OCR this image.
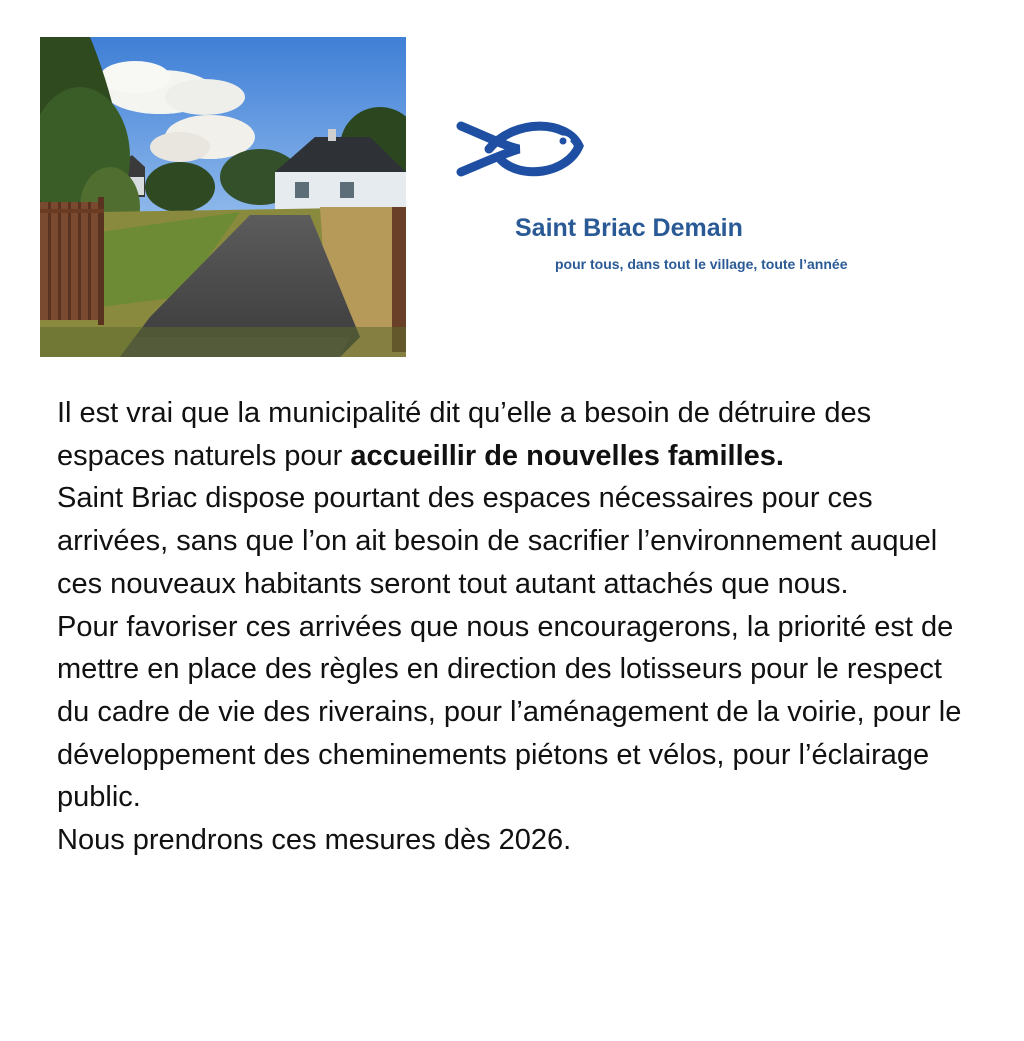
Saint Briac Demain
pour tous, dans tout le village, toute l’année

Il est vrai que la municipalité dit qu’elle a besoin de détruire des espaces naturels pour accueillir de nouvelles familles.

Saint Briac dispose pourtant des espaces nécessaires pour ces arrivées, sans que l’on ait besoin de sacrifier l’environnement auquel ces nouveaux habitants seront tout autant attachés que nous.

Pour favoriser ces arrivées que nous encouragerons, la priorité est de mettre en place des règles en direction des lotisseurs pour le respect du cadre de vie des riverains, pour l’aménagement de la voirie, pour le développement des cheminements piétons et vélos, pour l’éclairage public.

Nous prendrons ces mesures dès 2026.
